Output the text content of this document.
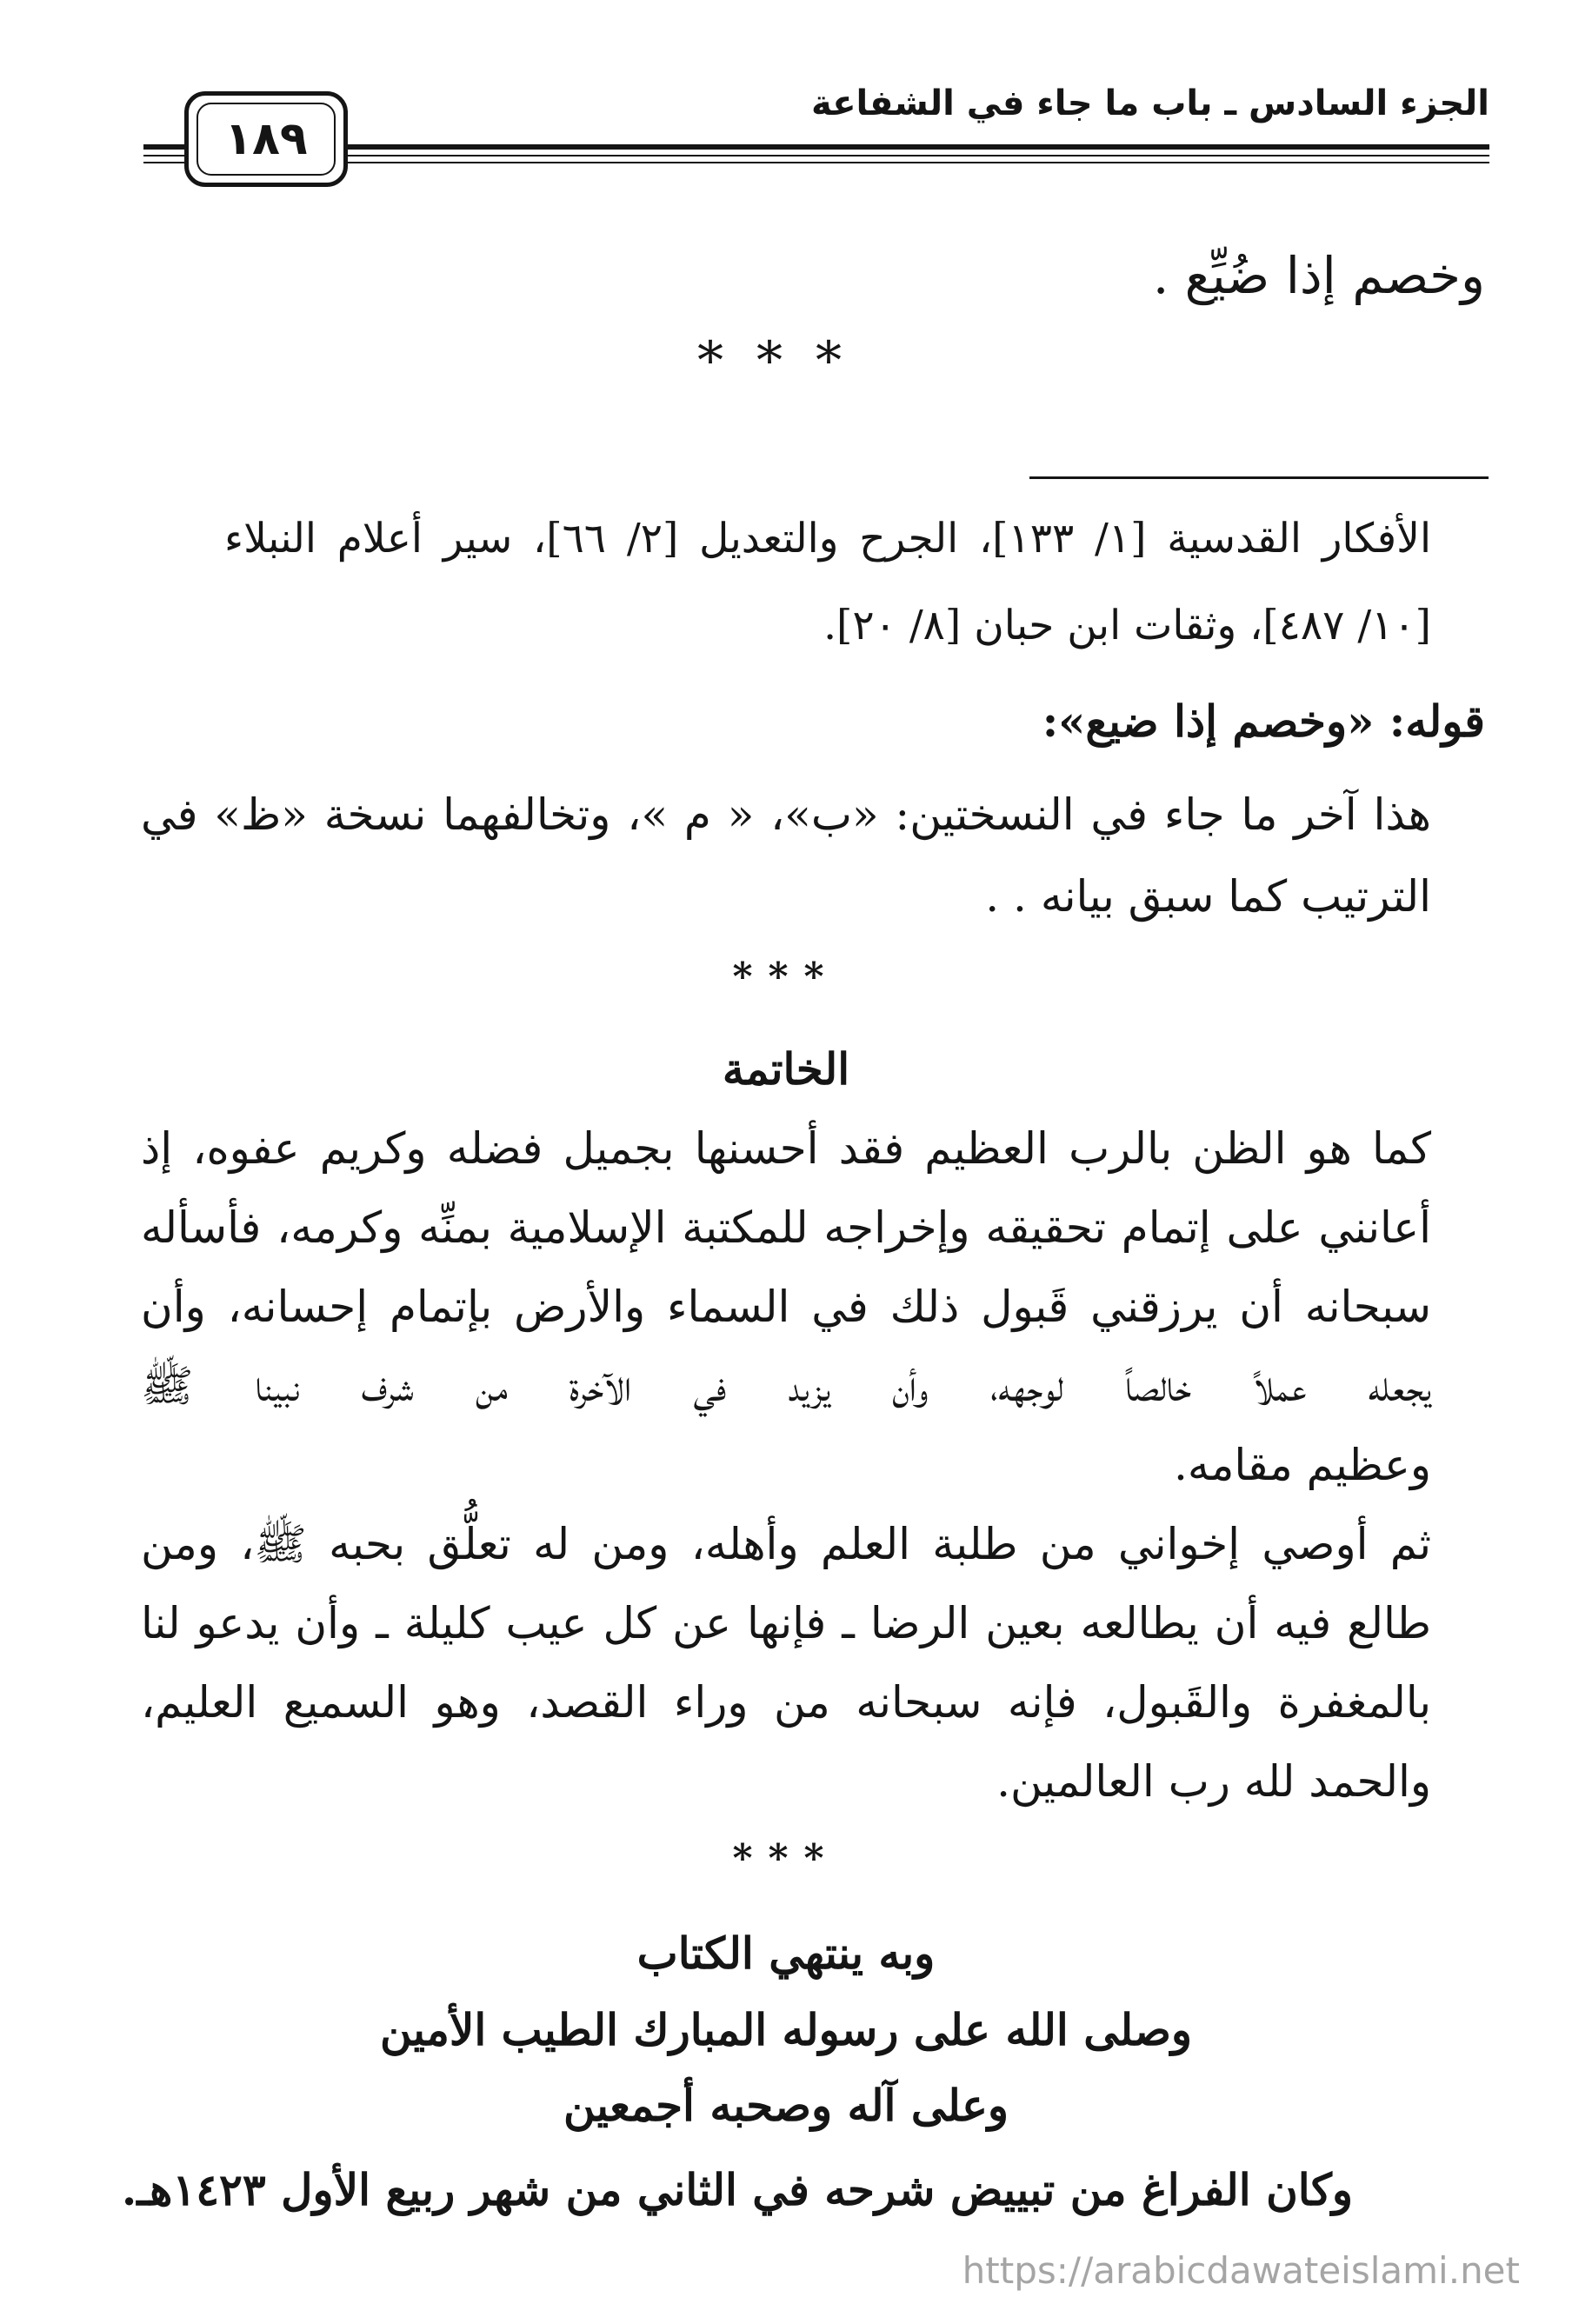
الجزء السادس ـ باب ما جاء في الشفاعة
١٨٩
وخصم إذا ضُيِّع .
***
الأفكار القدسية [١/ ١٣٣]، الجرح والتعديل [٢/ ٦٦]، سير أعلام النبلاء
[١٠/ ٤٨٧]، وثقات ابن حبان [٨/ ٢٠].
قوله: «وخصم إذا ضيع»:
هذا آخر ما جاء في النسختين: «ب»، « م »، وتخالفهما نسخة «ظ» في
الترتيب كما سبق بيانه . .
***
الخاتمة
كما هو الظن بالرب العظيم فقد أحسنها بجميل فضله وكريم عفوه، إذ
أعانني على إتمام تحقيقه وإخراجه للمكتبة الإسلامية بمنِّه وكرمه، فأسأله
سبحانه أن يرزقني قَبول ذلك في السماء والأرض بإتمام إحسانه، وأن
يجعله عملاً خالصاً لوجهه، وأن يزيد في الآخرة من شرف نبينا ﷺ
وعظيم مقامه.
ثم أوصي إخواني من طلبة العلم وأهله، ومن له تعلُّق بحبه ﷺ، ومن
طالع فيه أن يطالعه بعين الرضا ـ فإنها عن كل عيب كليلة ـ وأن يدعو لنا
بالمغفرة والقَبول، فإنه سبحانه من وراء القصد، وهو السميع العليم،
والحمد لله رب العالمين.
***
وبه ينتهي الكتاب
وصلى الله على رسوله المبارك الطيب الأمين
وعلى آله وصحبه أجمعين
وكان الفراغ من تبييض شرحه في الثاني من شهر ربيع الأول ١٤٢٣هـ.
https://arabicdawateislami.net
